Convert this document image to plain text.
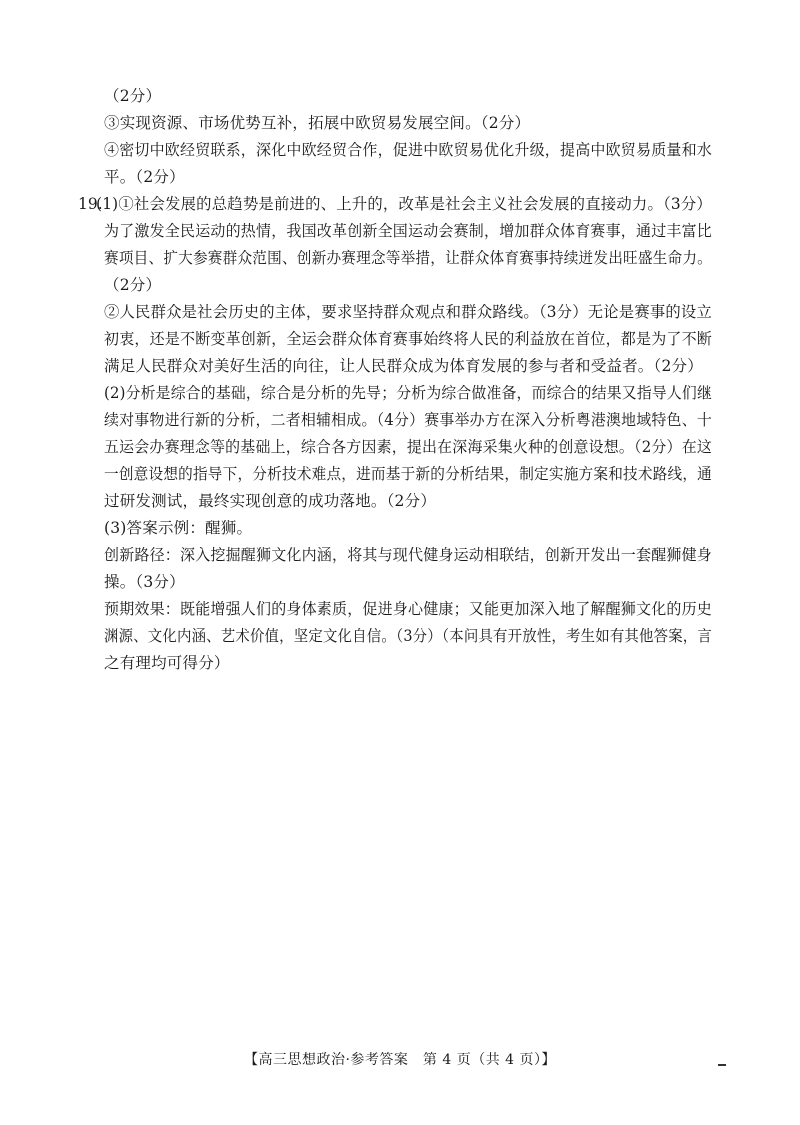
（2分）
③实现资源、市场优势互补，拓展中欧贸易发展空间。（2分）
④密切中欧经贸联系，深化中欧经贸合作，促进中欧贸易优化升级，提高中欧贸易质量和水
平。（2分）
19.
(1)①社会发展的总趋势是前进的、上升的，改革是社会主义社会发展的直接动力。（3分）
为了激发全民运动的热情，我国改革创新全国运动会赛制，增加群众体育赛事，通过丰富比
赛项目、扩大参赛群众范围、创新办赛理念等举措，让群众体育赛事持续迸发出旺盛生命力。
（2分）
②人民群众是社会历史的主体，要求坚持群众观点和群众路线。（3分）无论是赛事的设立
初衷，还是不断变革创新，全运会群众体育赛事始终将人民的利益放在首位，都是为了不断
满足人民群众对美好生活的向往，让人民群众成为体育发展的参与者和受益者。（2分）
(2)分析是综合的基础，综合是分析的先导；分析为综合做准备，而综合的结果又指导人们继
续对事物进行新的分析，二者相辅相成。（4分）赛事举办方在深入分析粤港澳地域特色、十
五运会办赛理念等的基础上，综合各方因素，提出在深海采集火种的创意设想。（2分）在这
一创意设想的指导下，分析技术难点，进而基于新的分析结果，制定实施方案和技术路线，通
过研发测试，最终实现创意的成功落地。（2分）
(3)答案示例：醒狮。
创新路径：深入挖掘醒狮文化内涵，将其与现代健身运动相联结，创新开发出一套醒狮健身
操。（3分）
预期效果：既能增强人们的身体素质，促进身心健康；又能更加深入地了解醒狮文化的历史
渊源、文化内涵、艺术价值，坚定文化自信。（3分）（本问具有开放性，考生如有其他答案，言
之有理均可得分）
【高三思想政治·参考答案　第 4 页（共 4 页）】
